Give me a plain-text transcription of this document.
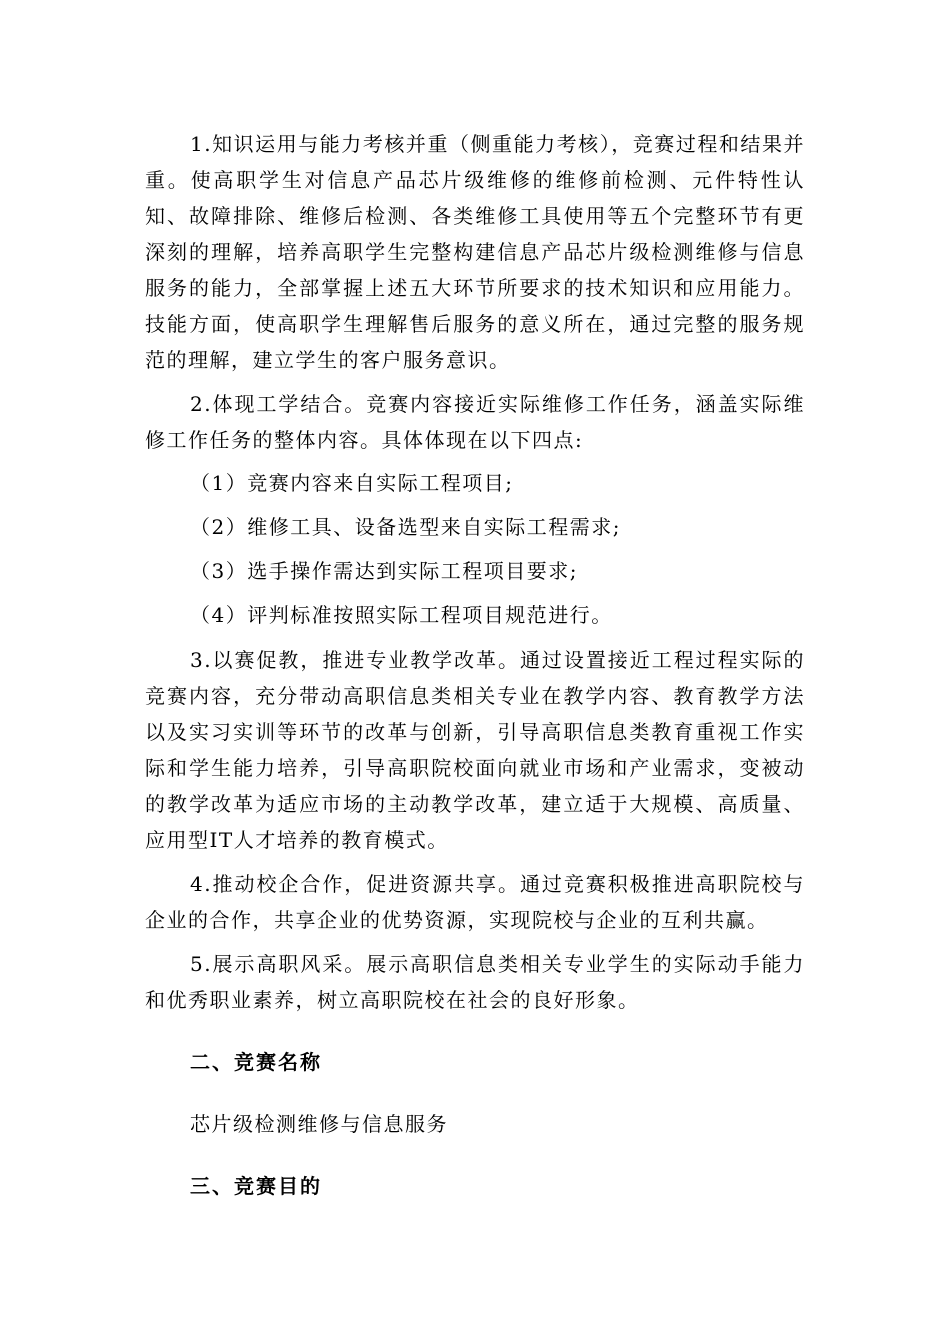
1.知识运用与能力考核并重（侧重能力考核），竞赛过程和结果并重。使高职学生对信息产品芯片级维修的维修前检测、元件特性认知、故障排除、维修后检测、各类维修工具使用等五个完整环节有更深刻的理解，培养高职学生完整构建信息产品芯片级检测维修与信息服务的能力，全部掌握上述五大环节所要求的技术知识和应用能力。技能方面，使高职学生理解售后服务的意义所在，通过完整的服务规范的理解，建立学生的客户服务意识。

2.体现工学结合。竞赛内容接近实际维修工作任务，涵盖实际维修工作任务的整体内容。具体体现在以下四点:

（1）竞赛内容来自实际工程项目;

（2）维修工具、设备选型来自实际工程需求;

（3）选手操作需达到实际工程项目要求;

（4）评判标准按照实际工程项目规范进行。

3.以赛促教，推进专业教学改革。通过设置接近工程过程实际的竞赛内容，充分带动高职信息类相关专业在教学内容、教育教学方法以及实习实训等环节的改革与创新，引导高职信息类教育重视工作实际和学生能力培养，引导高职院校面向就业市场和产业需求，变被动的教学改革为适应市场的主动教学改革，建立适于大规模、高质量、应用型IT人才培养的教育模式。

4.推动校企合作，促进资源共享。通过竞赛积极推进高职院校与企业的合作，共享企业的优势资源，实现院校与企业的互利共赢。

5.展示高职风采。展示高职信息类相关专业学生的实际动手能力和优秀职业素养，树立高职院校在社会的良好形象。

二、竞赛名称
芯片级检测维修与信息服务
三、竞赛目的
